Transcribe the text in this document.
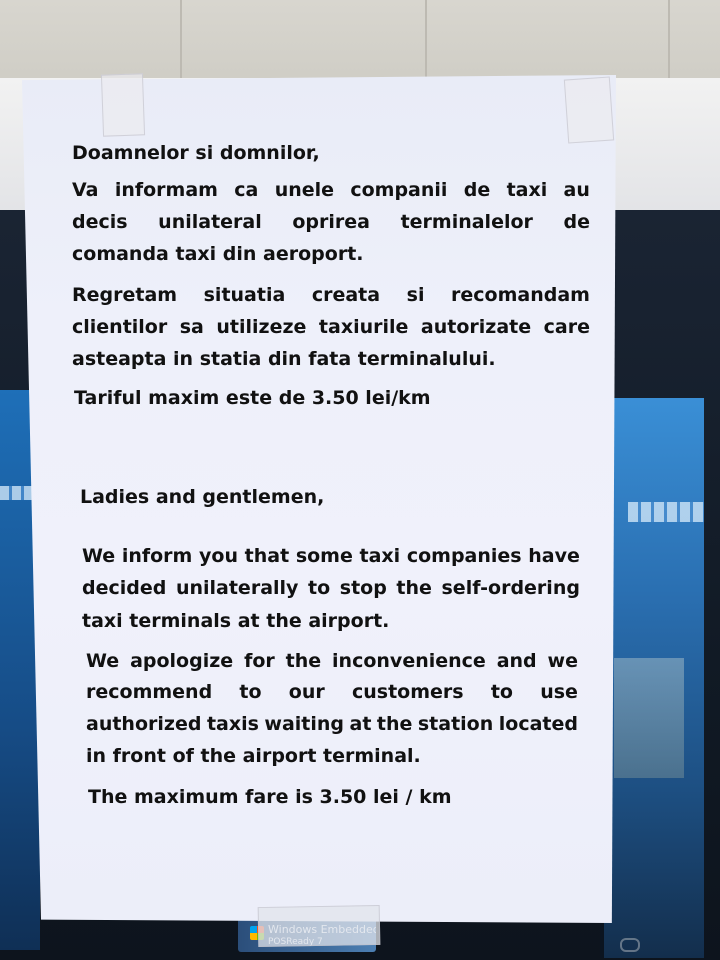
Doamnelor si domnilor,
Va informam ca unele companii de taxi au
decis unilateral oprirea terminalelor de
comanda taxi din aeroport.
Regretam situatia creata si recomandam
clientilor sa utilizeze taxiurile autorizate care
asteapta in statia din fata terminalului.
Tariful maxim este de 3.50 lei/km
Ladies and gentlemen,
We inform you that some taxi companies have
decided unilaterally to stop the self-ordering
taxi terminals at the airport.
We apologize for the inconvenience and we
recommend to our customers to use
authorized taxis waiting at the station located
in front of the airport terminal.
The maximum fare is 3.50 lei / km
